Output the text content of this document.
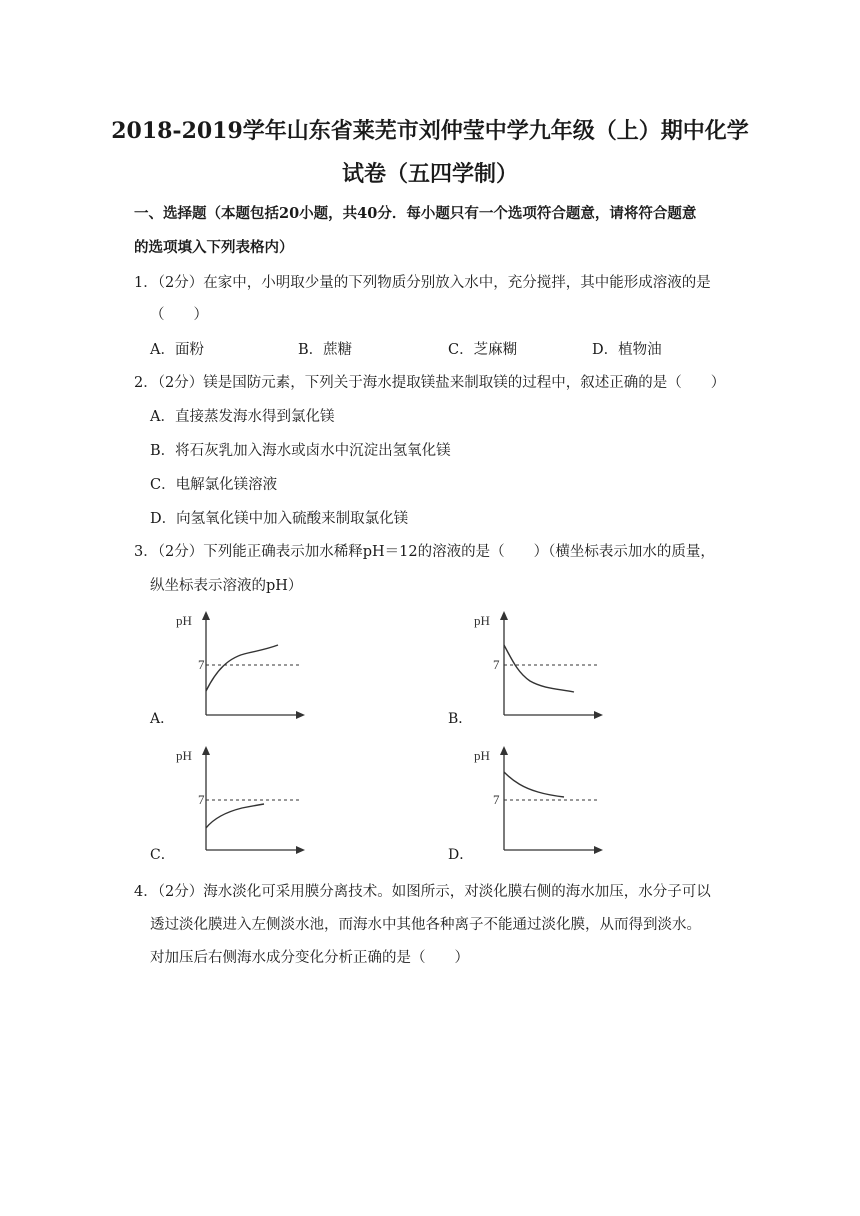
2018-2019学年山东省莱芜市刘仲莹中学九年级（上）期中化学
试卷（五四学制）
一、选择题（本题包括20小题，共40分．每小题只有一个选项符合题意，请将符合题意
的选项填入下列表格内）
1．（2分）在家中，小明取少量的下列物质分别放入水中，充分搅拌，其中能形成溶液的是
（　　）
A．面粉	B．蔗糖	C．芝麻糊	D．植物油
2．（2分）镁是国防元素，下列关于海水提取镁盐来制取镁的过程中，叙述正确的是（　　）
A．直接蒸发海水得到氯化镁
B．将石灰乳加入海水或卤水中沉淀出氢氧化镁
C．电解氯化镁溶液
D．向氢氧化镁中加入硫酸来制取氯化镁
3．（2分）下列能正确表示加水稀释pH＝12的溶液的是（　　）（横坐标表示加水的质量，
纵坐标表示溶液的pH）
A．
pH
7
B．
pH
7
C．
pH
7
D．
pH
7
4．（2分）海水淡化可采用膜分离技术。如图所示，对淡化膜右侧的海水加压，水分子可以
透过淡化膜进入左侧淡水池，而海水中其他各种离子不能通过淡化膜，从而得到淡水。
对加压后右侧海水成分变化分析正确的是（　　）
